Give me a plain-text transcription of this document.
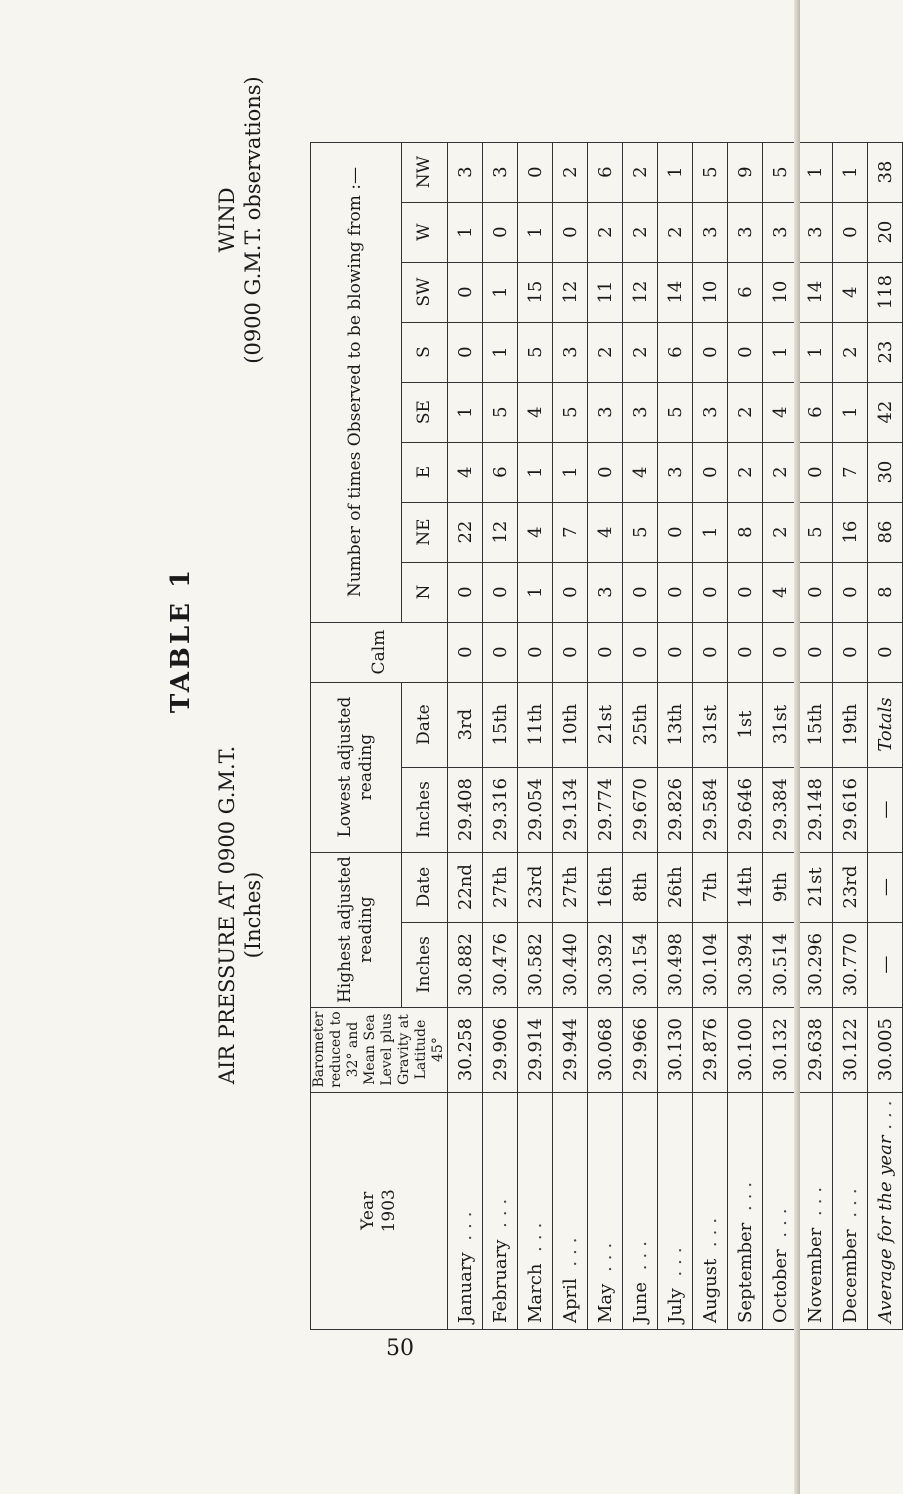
TABLE 1
AIR PRESSURE AT 0900 G.M.T. (Inches)
WIND (0900 G.M.T. observations)
Year 1903	Barometer reduced to 32° and Mean Sea Level plus Gravity at Latitude 45°	Highest adjusted reading		Lowest adjusted reading		Calm	Number of times Observed to be blowing from :—							
		Inches	Date	Inches	Date		N	NE	E	SE	S	SW	W	NW
January ...	30.258	30.882	22nd	29.408	3rd	0	0	22	4	1	0	0	1	3
February ...	29.906	30.476	27th	29.316	15th	0	0	12	6	5	1	1	0	3
March ...	29.914	30.582	23rd	29.054	11th	0	1	4	1	4	5	15	1	0
April ...	29.944	30.440	27th	29.134	10th	0	0	7	1	5	3	12	0	2
May ...	30.068	30.392	16th	29.774	21st	0	3	4	0	3	2	11	2	6
June ...	29.966	30.154	8th	29.670	25th	0	0	5	4	3	2	12	2	2
July ...	30.130	30.498	26th	29.826	13th	0	0	0	3	5	6	14	2	1
August ...	29.876	30.104	7th	29.584	31st	0	0	1	0	3	0	10	3	5
September ...	30.100	30.394	14th	29.646	1st	0	0	8	2	2	0	6	3	9
October ...	30.132	30.514	9th	29.384	31st	0	4	2	2	4	1	10	3	5
November ...	29.638	30.296	21st	29.148	15th	0	0	5	0	6	1	14	3	1
December ...	30.122	30.770	23rd	29.616	19th	0	0	16	7	1	2	4	0	1
Average for the year ...	30.005	—	—	—	Totals	0	8	86	30	42	23	118	20	38
50
